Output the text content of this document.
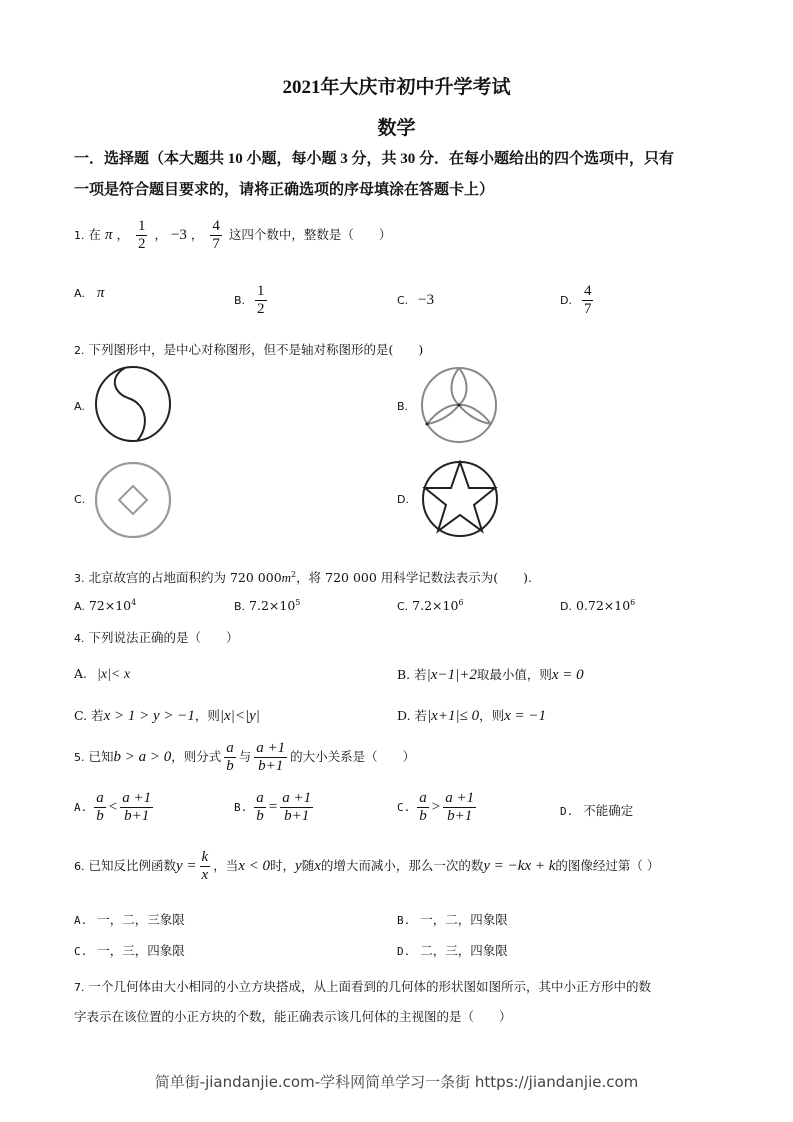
2021年大庆市初中升学考试
数学
一．选择题（本大题共 10 小题，每小题 3 分，共 30 分．在每小题给出的四个选项中，只有
一项是符合题目要求的，请将正确选项的序母填涂在答题卡上）
1. 在 π ， $\frac{1}{2}$ ， −3 ， $\frac{4}{7}$ 这四个数中，整数是（　　）
A. π	B. $\frac{1}{2}$	C. −3	D. $\frac{4}{7}$
2. 下列图形中，是中心对称图形，但不是轴对称图形的是(　　)
A.	B.
C.	D.
3. 北京故宫的占地面积约为 720 $000m^2$，将 720 000 用科学记数法表示为(　　).
A. $72\times 10^4$	B. $7.2\times 10^5$	C. $7.2\times 10^6$	D. $0.72\times 10^6$
4. 下列说法正确的是（　　）
A. |x|< x	B. 若|x−1|+2取最小值，则x = 0
C. 若x > 1 > y > −1，则|x|<|y|	D. 若|x+1|≤ 0，则x = −1
5. 已知b > a > 0，则分式 $\frac{a}{b}$ 与 $\frac{a +1}{b+1}$ 的大小关系是（　　）
A. $\frac{a}{b} < \frac{a +1}{b+1}$	B. $\frac{a}{b} = \frac{a +1}{b+1}$	C. $\frac{a}{b} > \frac{a +1}{b+1}$	D. 不能确定
6. 已知反比例函数$y = \frac{k}{x}$ ，当x < 0时，y随x的增大而减小，那么一次的数y = −kx + k的图像经过第（ ）
A. 一，二，三象限	B. 一，二，四象限
C. 一，三，四象限	D. 二，三，四象限
7. 一个几何体由大小相同的小立方块搭成，从上面看到的几何体的形状图如图所示，其中小正方形中的数
字表示在该位置的小正方块的个数，能正确表示该几何体的主视图的是（　　）
简单街-jiandanjie.com-学科网简单学习一条街 https://jiandanjie.com
